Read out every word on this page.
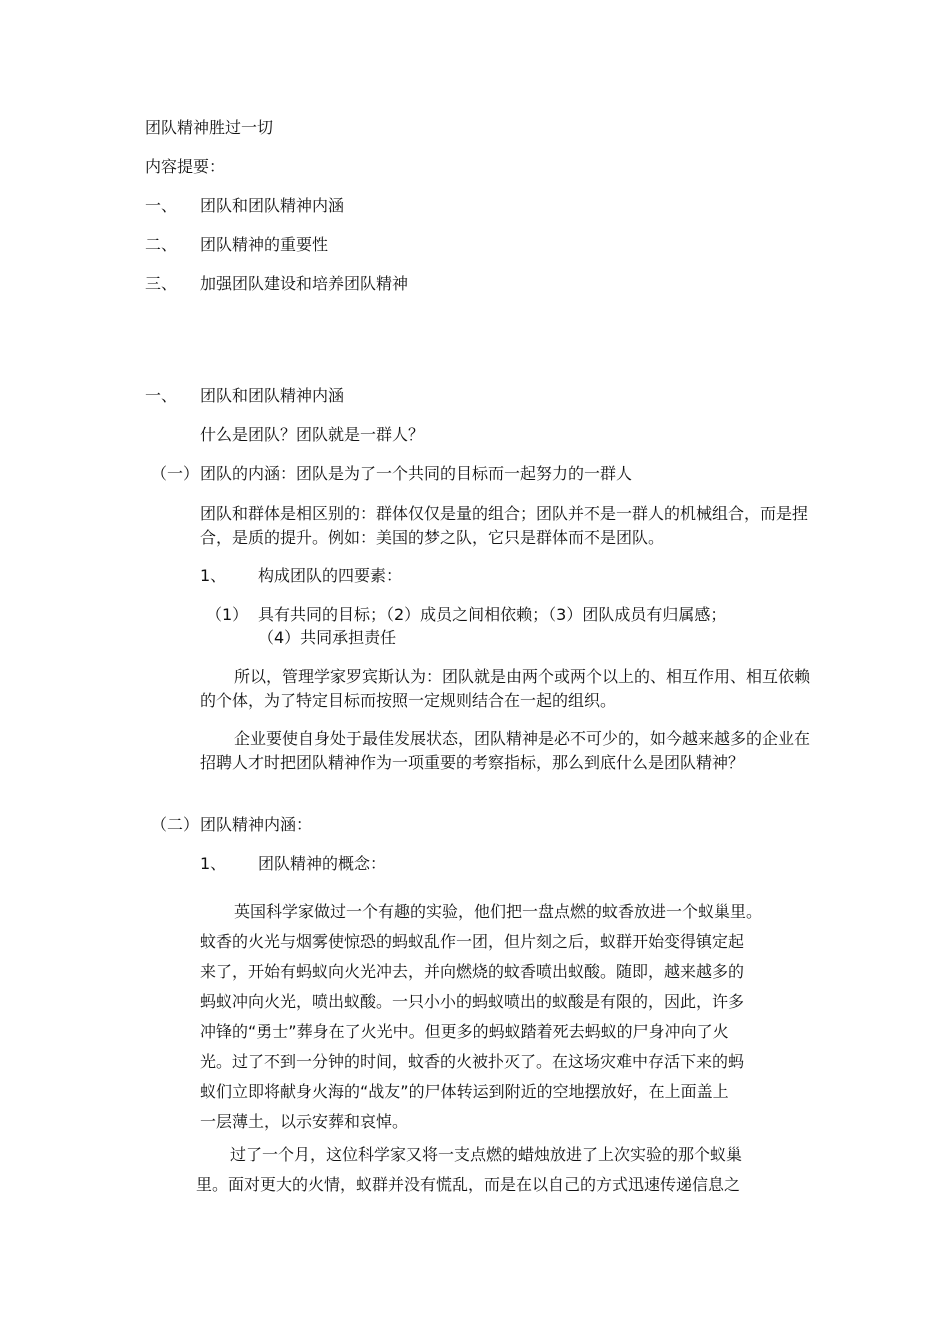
团队精神胜过一切
内容提要：
一、 团队和团队精神内涵
二、 团队精神的重要性
三、 加强团队建设和培养团队精神
一、 团队和团队精神内涵
什么是团队？团队就是一群人？
（一） 团队的内涵：团队是为了一个共同的目标而一起努力的一群人
团队和群体是相区别的：群体仅仅是量的组合；团队并不是一群人的机械组合，而是捏合，是质的提升。例如：美国的梦之队，它只是群体而不是团队。
1、 构成团队的四要素：
（1） 具有共同的目标；（2）成员之间相依赖；（3）团队成员有归属感；
（4）共同承担责任
所以，管理学家罗宾斯认为：团队就是由两个或两个以上的、相互作用、相互依赖的个体，为了特定目标而按照一定规则结合在一起的组织。
企业要使自身处于最佳发展状态，团队精神是必不可少的，如今越来越多的企业在招聘人才时把团队精神作为一项重要的考察指标，那么到底什么是团队精神？
（二） 团队精神内涵：
1、 团队精神的概念：
英国科学家做过一个有趣的实验，他们把一盘点燃的蚊香放进一个蚁巢里。
蚊香的火光与烟雾使惊恐的蚂蚁乱作一团，但片刻之后，蚁群开始变得镇定起
来了，开始有蚂蚁向火光冲去，并向燃烧的蚊香喷出蚁酸。随即，越来越多的
蚂蚁冲向火光，喷出蚁酸。一只小小的蚂蚁喷出的蚁酸是有限的，因此，许多
冲锋的“勇士”葬身在了火光中。但更多的蚂蚁踏着死去蚂蚁的尸身冲向了火
光。过了不到一分钟的时间，蚊香的火被扑灭了。在这场灾难中存活下来的蚂
蚁们立即将献身火海的“战友”的尸体转运到附近的空地摆放好，在上面盖上
一层薄土，以示安葬和哀悼。
过了一个月，这位科学家又将一支点燃的蜡烛放进了上次实验的那个蚁巢
里。面对更大的火情，蚁群并没有慌乱，而是在以自己的方式迅速传递信息之
